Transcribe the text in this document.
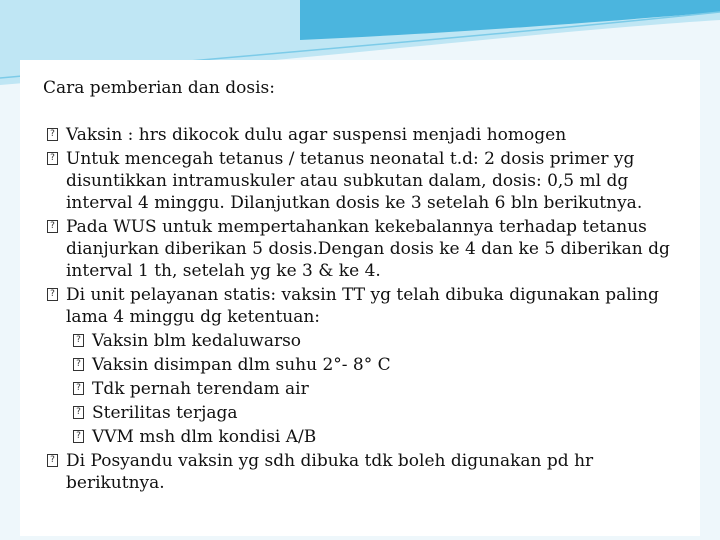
Cara pemberian dan dosis:
? Vaksin : hrs dikocok dulu agar suspensi menjadi homogen
? Untuk mencegah tetanus / tetanus neonatal t.d: 2 dosis primer yg disuntikkan intramuskuler atau subkutan dalam, dosis: 0,5 ml dg interval 4 minggu. Dilanjutkan dosis ke 3 setelah 6 bln berikutnya.
? Pada WUS untuk mempertahankan kekebalannya terhadap tetanus dianjurkan diberikan 5 dosis.Dengan dosis ke 4 dan ke 5 diberikan dg interval 1 th, setelah yg ke 3 & ke 4.
? Di unit pelayanan statis: vaksin TT yg telah dibuka digunakan paling lama 4 minggu dg ketentuan:
? Vaksin blm kedaluwarso
? Vaksin disimpan dlm suhu 2°- 8° C
? Tdk pernah terendam air
? Sterilitas terjaga
? VVM msh dlm kondisi A/B
? Di Posyandu vaksin yg sdh dibuka tdk boleh digunakan pd hr berikutnya.
